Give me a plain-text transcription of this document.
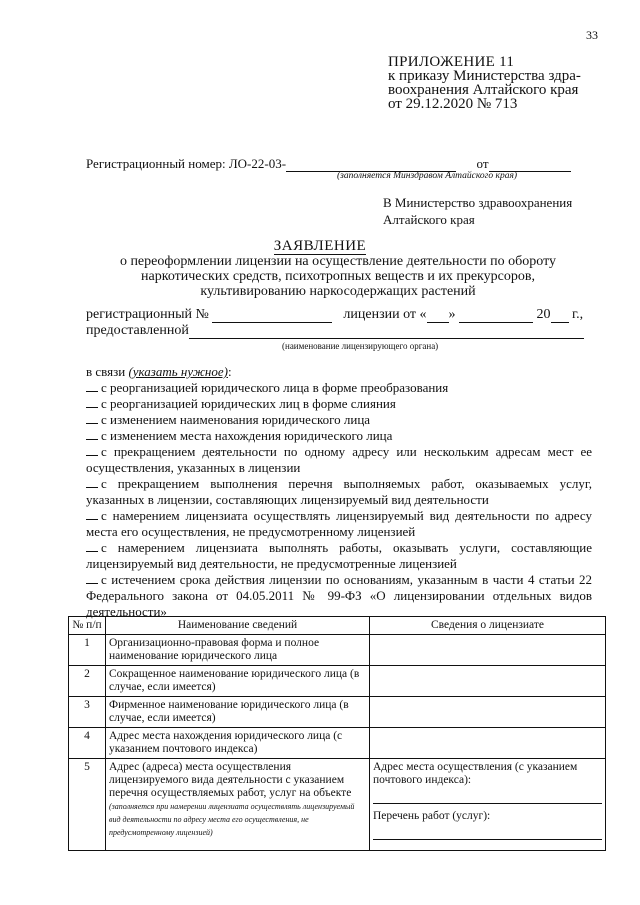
33
ПРИЛОЖЕНИЕ 11
к приказу Министерства здра-
воохранения Алтайского края
от 29.12.2020 № 713
Регистрационный номер: ЛО-22-03-	от
(заполняется Минздравом Алтайского края)
В Министерство здравоохранения
Алтайского края
ЗАЯВЛЕНИЕ
о переоформлении лицензии на осуществление деятельности по обороту наркотических средств, психотропных веществ и их прекурсоров, культивированию наркосодержащих растений
регистрационный №	лицензии от « »	20 г.,
предоставленной
(наименование лицензирующего органа)

в связи (указать нужное):

с реорганизацией юридического лица в форме преобразования

с реорганизацией юридических лиц в форме слияния

с изменением наименования юридического лица

с изменением места нахождения юридического лица

с прекращением деятельности по одному адресу или нескольким адресам мест ее осуществления, указанных в лицензии

с прекращением выполнения перечня выполняемых работ, оказываемых услуг, указанных в лицензии, составляющих лицензируемый вид деятельности

с намерением лицензиата осуществлять лицензируемый вид деятельности по адресу места его осуществления, не предусмотренному лицензией

с намерением лицензиата выполнять работы, оказывать услуги, составляющие лицензируемый вид деятельности, не предусмотренные лицензией

с истечением срока действия лицензии по основаниям, указанным в части 4 статьи 22 Федерального закона от 04.05.2011 № 99-ФЗ «О лицензировании отдельных видов деятельности»

№ п/п	Наименование сведений	Сведения о лицензиате
1	Организационно-правовая форма и полное наименование юридического лица	
2	Сокращенное наименование юридического лица (в случае, если имеется)	
3	Фирменное наименование юридического лица (в случае, если имеется)	
4	Адрес места нахождения юридического лица (с указанием почтового индекса)	
5	Адрес (адреса) места осуществления лицензируемого вида деятельности с указанием перечня осуществляемых работ, услуг на объекте (заполняется при намерении лицензиата осуществлять лицензируемый вид деятельности по адресу места его осуществления, не предусмотренному лицензией)	Адрес места осуществления (с указанием почтового индекса):
Перечень работ (услуг):
